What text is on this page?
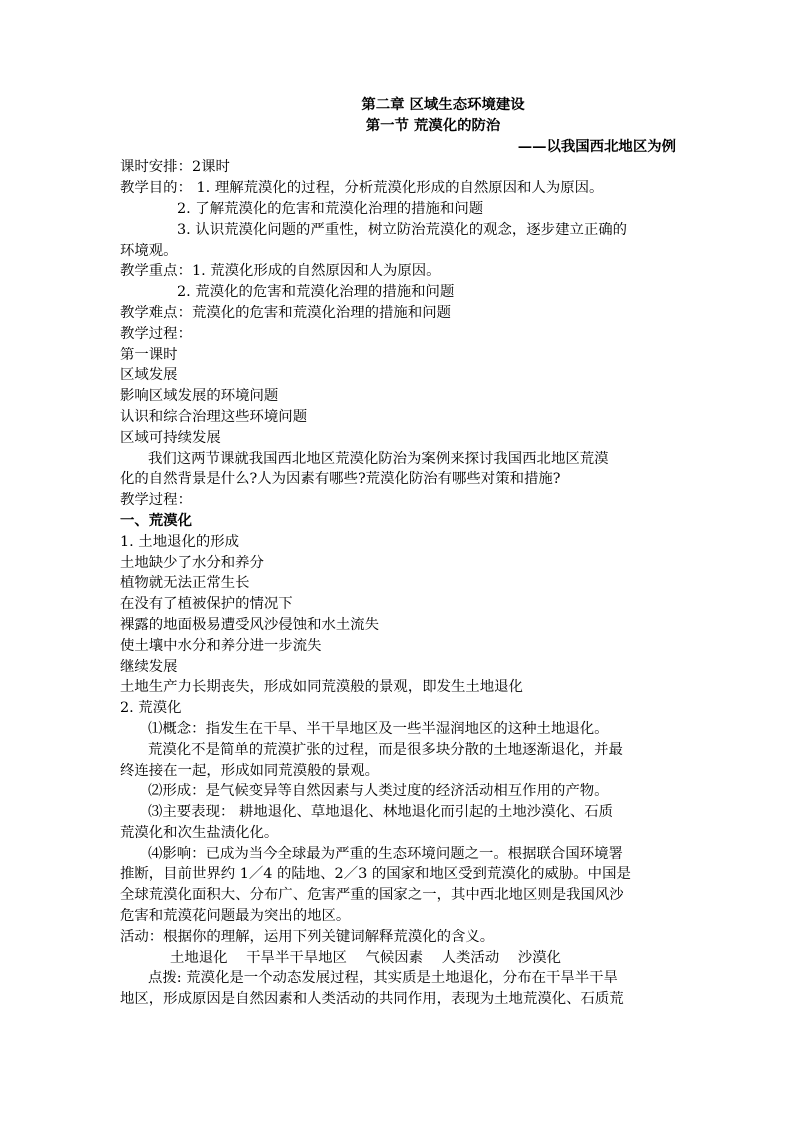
第二章 区域生态环境建设
第一节 荒漠化的防治
——以我国西北地区为例
课时安排：2课时
教学目的： 1. 理解荒漠化的过程，分析荒漠化形成的自然原因和人为原因。
2. 了解荒漠化的危害和荒漠化治理的措施和问题
3. 认识荒漠化问题的严重性，树立防治荒漠化的观念，逐步建立正确的
环境观。
教学重点：1. 荒漠化形成的自然原因和人为原因。
2. 荒漠化的危害和荒漠化治理的措施和问题
教学难点：荒漠化的危害和荒漠化治理的措施和问题
教学过程：
第一课时
区域发展
影响区域发展的环境问题
认识和综合治理这些环境问题
区域可持续发展
我们这两节课就我国西北地区荒漠化防治为案例来探讨我国西北地区荒漠
化的自然背景是什么?人为因素有哪些?荒漠化防治有哪些对策和措施?
教学过程：
一、荒漠化
1. 土地退化的形成
土地缺少了水分和养分
植物就无法正常生长
在没有了植被保护的情况下
裸露的地面极易遭受风沙侵蚀和水土流失
使土壤中水分和养分进一步流失
继续发展
土地生产力长期丧失，形成如同荒漠般的景观，即发生土地退化
2. 荒漠化
⑴概念：指发生在干旱、半干旱地区及一些半湿润地区的这种土地退化。
荒漠化不是简单的荒漠扩张的过程，而是很多块分散的土地逐渐退化，并最
终连接在一起，形成如同荒漠般的景观。
⑵形成：是气候变异等自然因素与人类过度的经济活动相互作用的产物。
⑶主要表现： 耕地退化、草地退化、林地退化而引起的土地沙漠化、石质
荒漠化和次生盐渍化化。
⑷影响：已成为当今全球最为严重的生态环境问题之一。根据联合国环境署
推断，目前世界约 1／4 的陆地、2／3 的国家和地区受到荒漠化的威胁。中国是
全球荒漠化面积大、分布广、危害严重的国家之一，其中西北地区则是我国风沙
危害和荒漠花问题最为突出的地区。
活动：根据你的理解，运用下列关键词解释荒漠化的含义。
土地退化 干旱半干旱地区 气候因素 人类活动 沙漠化
点拨: 荒漠化是一个动态发展过程，其实质是土地退化，分布在干旱半干旱
地区，形成原因是自然因素和人类活动的共同作用，表现为土地荒漠化、石质荒
